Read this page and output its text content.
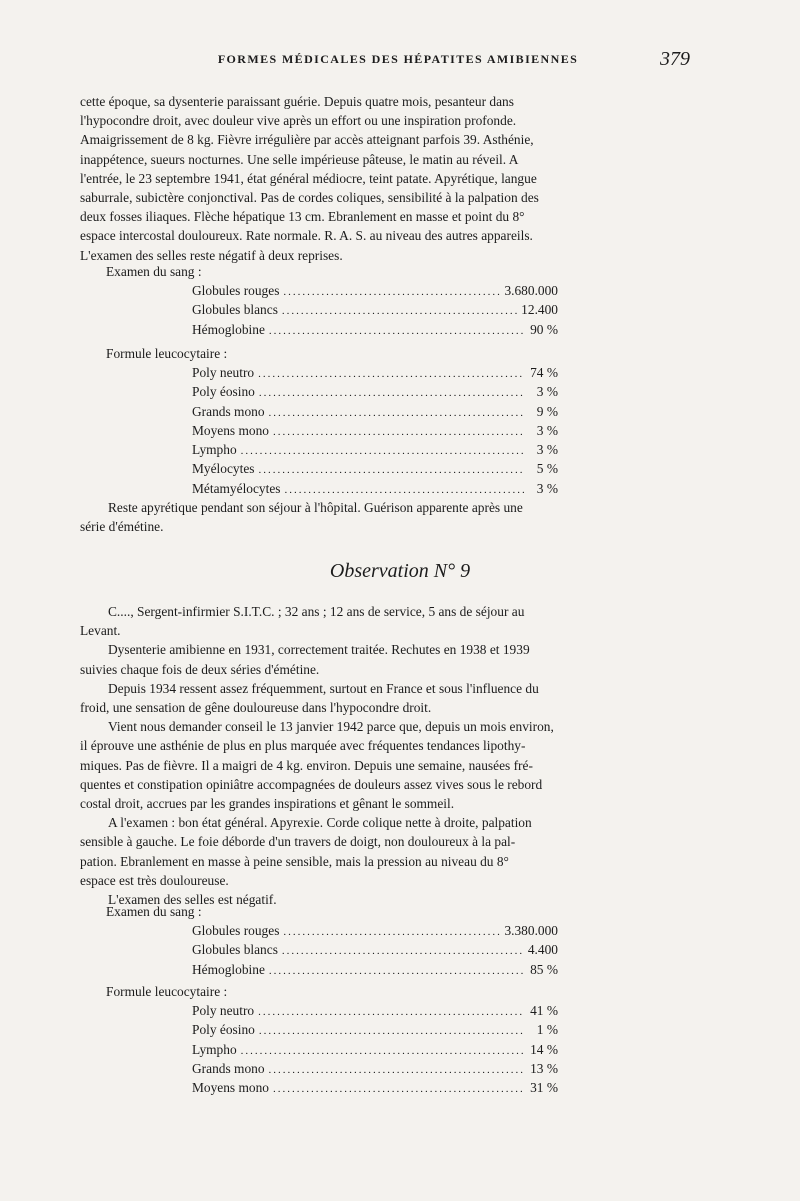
FORMES MÉDICALES DES HÉPATITES AMIBIENNES	379

cette époque, sa dysenterie paraissant guérie. Depuis quatre mois, pesanteur dans
l'hypocondre droit, avec douleur vive après un effort ou une inspiration profonde.
Amaigrissement de 8 kg. Fièvre irrégulière par accès atteignant parfois 39. Asthénie,
inappétence, sueurs nocturnes. Une selle impérieuse pâteuse, le matin au réveil. A
l'entrée, le 23 septembre 1941, état général médiocre, teint patate. Apyrétique, langue
saburrale, subictère conjonctival. Pas de cordes coliques, sensibilité à la palpation des
deux fosses iliaques. Flèche hépatique 13 cm. Ebranlement en masse et point du 8°
espace intercostal douloureux. Rate normale. R. A. S. au niveau des autres appareils.
L'examen des selles reste négatif à deux reprises.

Examen du sang :
Globules rouges .....	3.680.000
Globules blancs .....	12.400
Hémoglobine .....	90 %
Formule leucocytaire :
Poly neutro .....	74 %
Poly éosino .....	3 %
Grands mono .....	9 %
Moyens mono .....	3 %
Lympho .....	3 %
Myélocytes .....	5 %
Métamyélocytes .....	3 %

Reste apyrétique pendant son séjour à l'hôpital. Guérison apparente après une
série d'émétine.

Observation N° 9

C...., Sergent-infirmier S.I.T.C. ; 32 ans ; 12 ans de service, 5 ans de séjour au
Levant.

Dysenterie amibienne en 1931, correctement traitée. Rechutes en 1938 et 1939
suivies chaque fois de deux séries d'émétine.

Depuis 1934 ressent assez fréquemment, surtout en France et sous l'influence du
froid, une sensation de gêne douloureuse dans l'hypocondre droit.

Vient nous demander conseil le 13 janvier 1942 parce que, depuis un mois environ,
il éprouve une asthénie de plus en plus marquée avec fréquentes tendances lipothy-
miques. Pas de fièvre. Il a maigri de 4 kg. environ. Depuis une semaine, nausées fré-
quentes et constipation opiniâtre accompagnées de douleurs assez vives sous le rebord
costal droit, accrues par les grandes inspirations et gênant le sommeil.

A l'examen : bon état général. Apyrexie. Corde colique nette à droite, palpation
sensible à gauche. Le foie déborde d'un travers de doigt, non douloureux à la pal-
pation. Ebranlement en masse à peine sensible, mais la pression au niveau du 8°
espace est très douloureuse.

L'examen des selles est négatif.

Examen du sang :
Globules rouges .....	3.380.000
Globules blancs .....	4.400
Hémoglobine .....	85 %
Formule leucocytaire :
Poly neutro .....	41 %
Poly éosino .....	1 %
Lympho .....	14 %
Grands mono .....	13 %
Moyens mono .....	31 %
